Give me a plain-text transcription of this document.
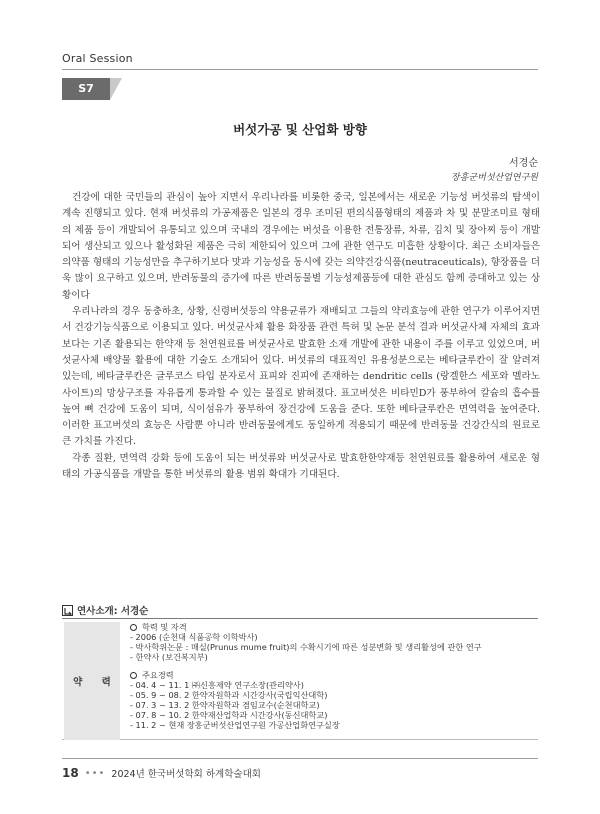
Oral Session
S7
버섯가공 및 산업화 방향
서경순
장흥군버섯산업연구원

건강에 대한 국민들의 관심이 높아 지면서 우리나라를 비롯한 중국, 일본에서는 새로운 기능성 버섯류의 탐색이 계속 진행되고 있다. 현재 버섯류의 가공제품은 일본의 경우 조미된 편의식품형태의 제품과 차 및 분말조미료 형태의 제품 등이 개발되어 유통되고 있으며 국내의 경우에는 버섯을 이용한 전통장류, 차류, 김치 및 장아찌 등이 개발되어 생산되고 있으나 활성화된 제품은 극히 제한되어 있으며 그에 관한 연구도 미흡한 상황이다. 최근 소비자들은 의약품 형태의 기능성만을 추구하기보다 맛과 기능성을 동시에 갖는 의약건강식품(neutraceuticals), 향장품을 더욱 많이 요구하고 있으며, 반려동물의 증가에 따른 반려동물별 기능성제품등에 대한 관심도 함께 증대하고 있는 상황이다

우리나라의 경우 동충하초, 상황, 신령버섯등의 약용균류가 재배되고 그들의 약리효능에 관한 연구가 이루어지면서 건강기능식품으로 이용되고 있다. 버섯균사체 활용 화장품 관련 특허 및 논문 분석 결과 버섯균사체 자체의 효과보다는 기존 활용되는 한약재 등 천연원료를 버섯균사로 발효한 소재 개발에 관한 내용이 주를 이루고 있었으며, 버섯균사체 배양물 활용에 대한 기술도 소개되어 있다. 버섯류의 대표적인 유용성분으로는 베타글루칸이 잘 알려져 있는데, 베타글루칸은 글루코스 타입 분자로서 표피와 진피에 존재하는 dendritic cells (랑겔한스 세포와 멜라노사이트)의 망상구조를 자유롭게 통과할 수 있는 물질로 밝혀졌다. 표고버섯은 비타민D가 풍부하여 칼슘의 흡수를 높여 뼈 건강에 도움이 되며, 식이섬유가 풍부하여 장건강에 도움을 준다. 또한 베타글루칸은 면역력을 높여준다. 이러한 표고버섯의 효능은 사람뿐 아니라 반려동물에게도 동일하게 적용되기 때문에 반려동물 건강간식의 원료로 큰 가치를 가진다.

각종 질환, 면역력 강화 등에 도움이 되는 버섯류와 버섯균사로 발효한한약재등 천연원료를 활용하여 새로운 형태의 가공식품을 개발을 통한 버섯류의 활용 범위 확대가 기대된다.

연사소개: 서경순
약 력
학력 및 자격
- 2006 (순천대 식품공학 이학박사)
- 박사학위논문 : 매실(Prunus mume fruit)의 수확시기에 따른 성분변화 및 생리활성에 관한 연구
- 한약사 (보건복지부)
주요경력
- 04. 4 ~ 11. 1 ㈜신흥제약 연구소장(관리약사)
- 05. 9 ~ 08. 2 한약자원학과 시간강사(국립익산대학)
- 07. 3 ~ 13. 2 한약자원학과 겸임교수(순천대학교)
- 07. 8 ~ 10. 2 한약재산업학과 시간강사(동신대학교)
- 11. 2 ~ 현재 장흥군버섯산업연구원 가공산업화연구실장
18 ••• 2024년 한국버섯학회 하계학술대회
